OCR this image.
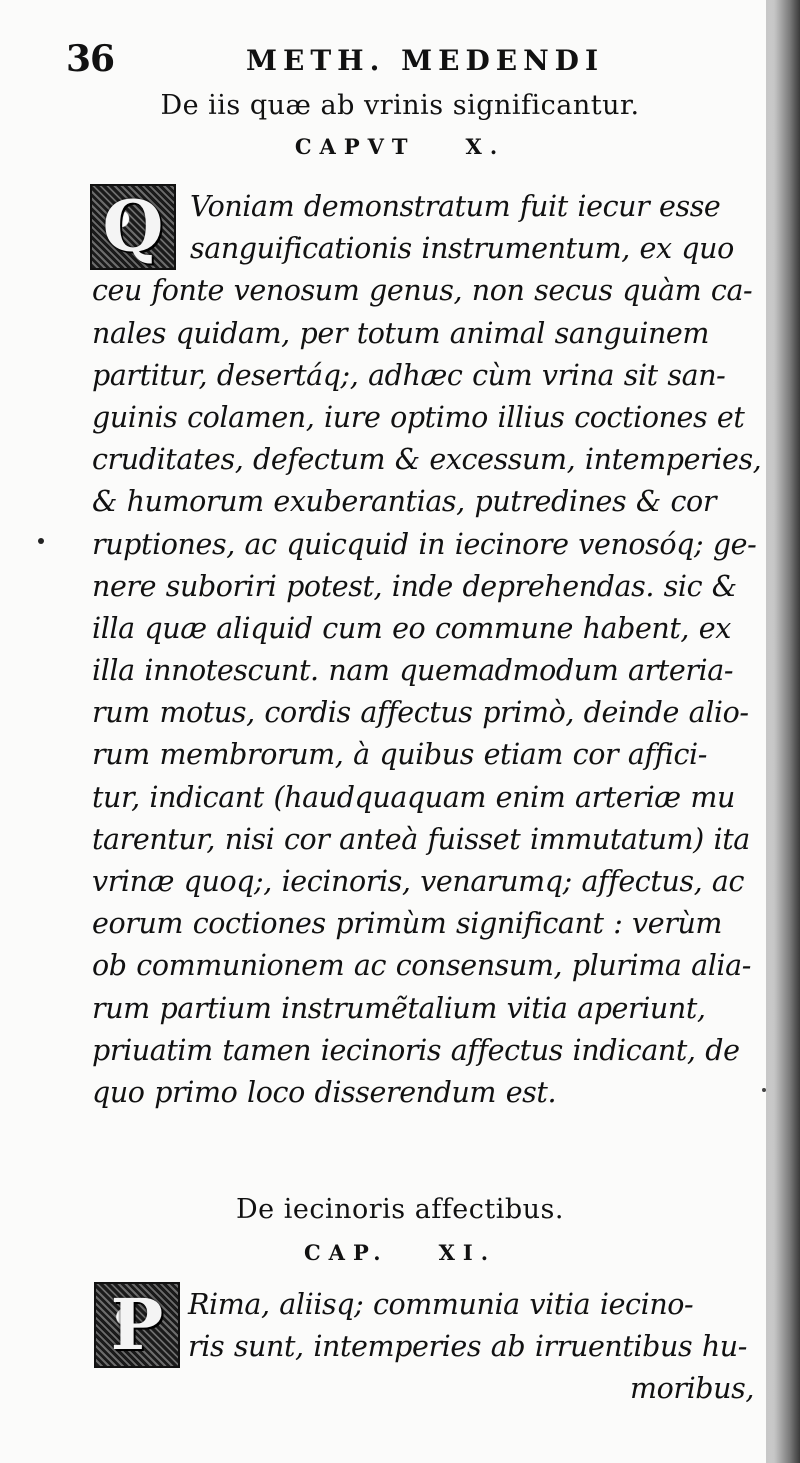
36	METH. MEDENDI
De iis quæ ab vrinis significantur.
CAPVT X.
Q Voniam demonstratum fuit iecur esse
sanguificationis instrumentum, ex quo
ceu fonte venosum genus, non secus quàm ca-
nales quidam, per totum animal sanguinem
partitur, desertáq;, adhæc cùm vrina sit san-
guinis colamen, iure optimo illius coctiones et
cruditates, defectum & excessum, intemperies,
& humorum exuberantias, putredines & cor
ruptiones, ac quicquid in iecinore venosóq; ge-
nere suboriri potest, inde deprehendas. sic &
illa quæ aliquid cum eo commune habent, ex
illa innotescunt. nam quemadmodum arteria-
rum motus, cordis affectus primò, deinde alio-
rum membrorum, à quibus etiam cor affici-
tur, indicant (haudquaquam enim arteriæ mu
tarentur, nisi cor anteà fuisset immutatum) ita
vrinæ quoq;, iecinoris, venarumq; affectus, ac
eorum coctiones primùm significant : verùm
ob communionem ac consensum, plurima alia-
rum partium instrumẽtalium vitia aperiunt,
priuatim tamen iecinoris affectus indicant, de
quo primo loco disserendum est.
De iecinoris affectibus.
CAP. XI.
P Rima, aliisq; communia vitia iecino-
ris sunt, intemperies ab irruentibus hu-
moribus,
